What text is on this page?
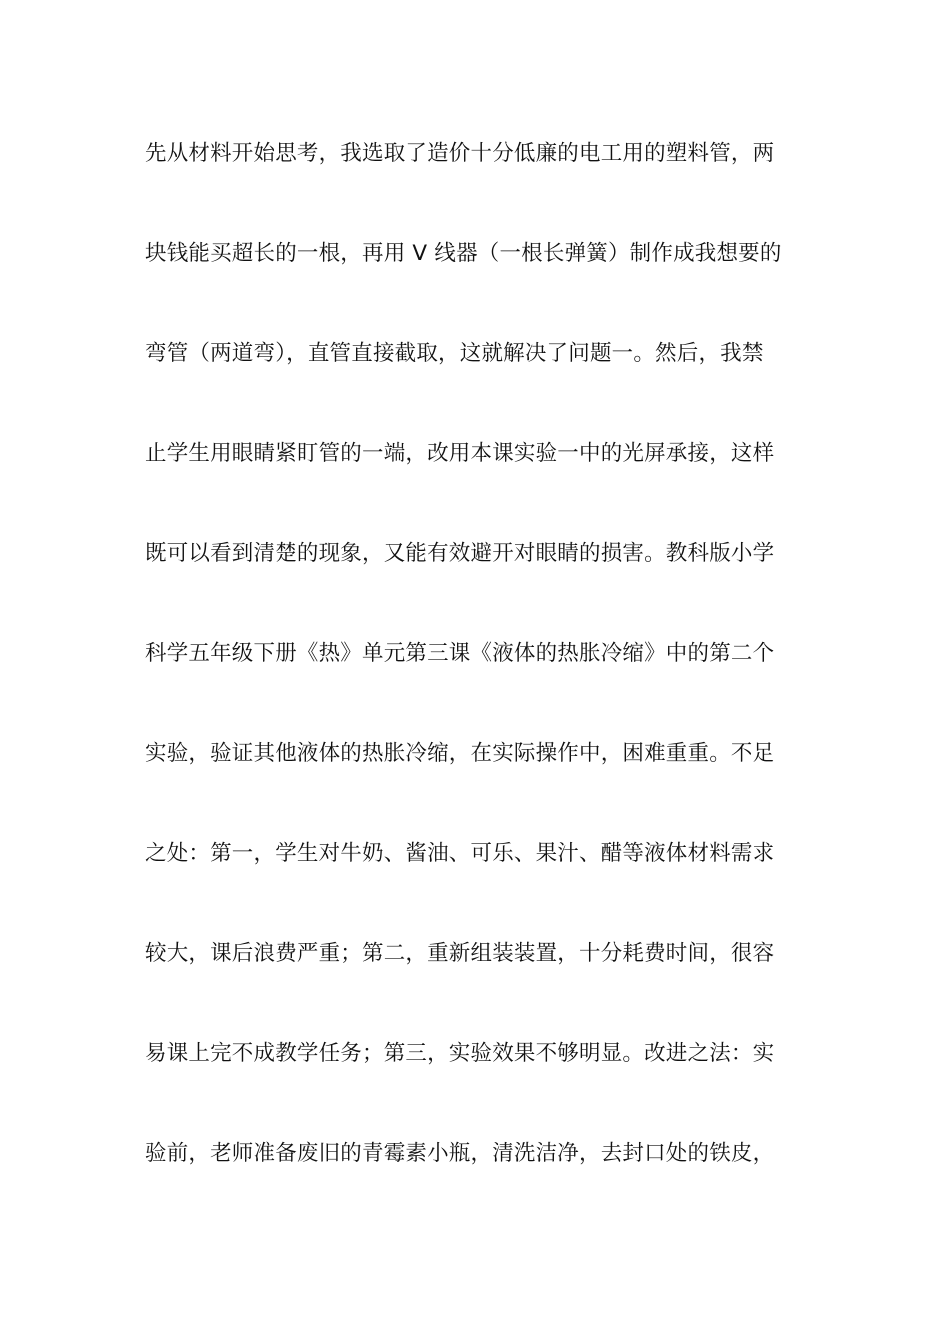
先从材料开始思考，我选取了造价十分低廉的电工用的塑料管，两
块钱能买超长的一根，再用 V 线器（一根长弹簧）制作成我想要的
弯管（两道弯），直管直接截取，这就解决了问题一。然后，我禁
止学生用眼睛紧盯管的一端，改用本课实验一中的光屏承接，这样
既可以看到清楚的现象，又能有效避开对眼睛的损害。教科版小学
科学五年级下册《热》单元第三课《液体的热胀冷缩》中的第二个
实验，验证其他液体的热胀冷缩，在实际操作中，困难重重。不足
之处：第一，学生对牛奶、酱油、可乐、果汁、醋等液体材料需求
较大，课后浪费严重；第二，重新组装装置，十分耗费时间，很容
易课上完不成教学任务；第三，实验效果不够明显。改进之法：实
验前，老师准备废旧的青霉素小瓶，清洗洁净，去封口处的铁皮，
